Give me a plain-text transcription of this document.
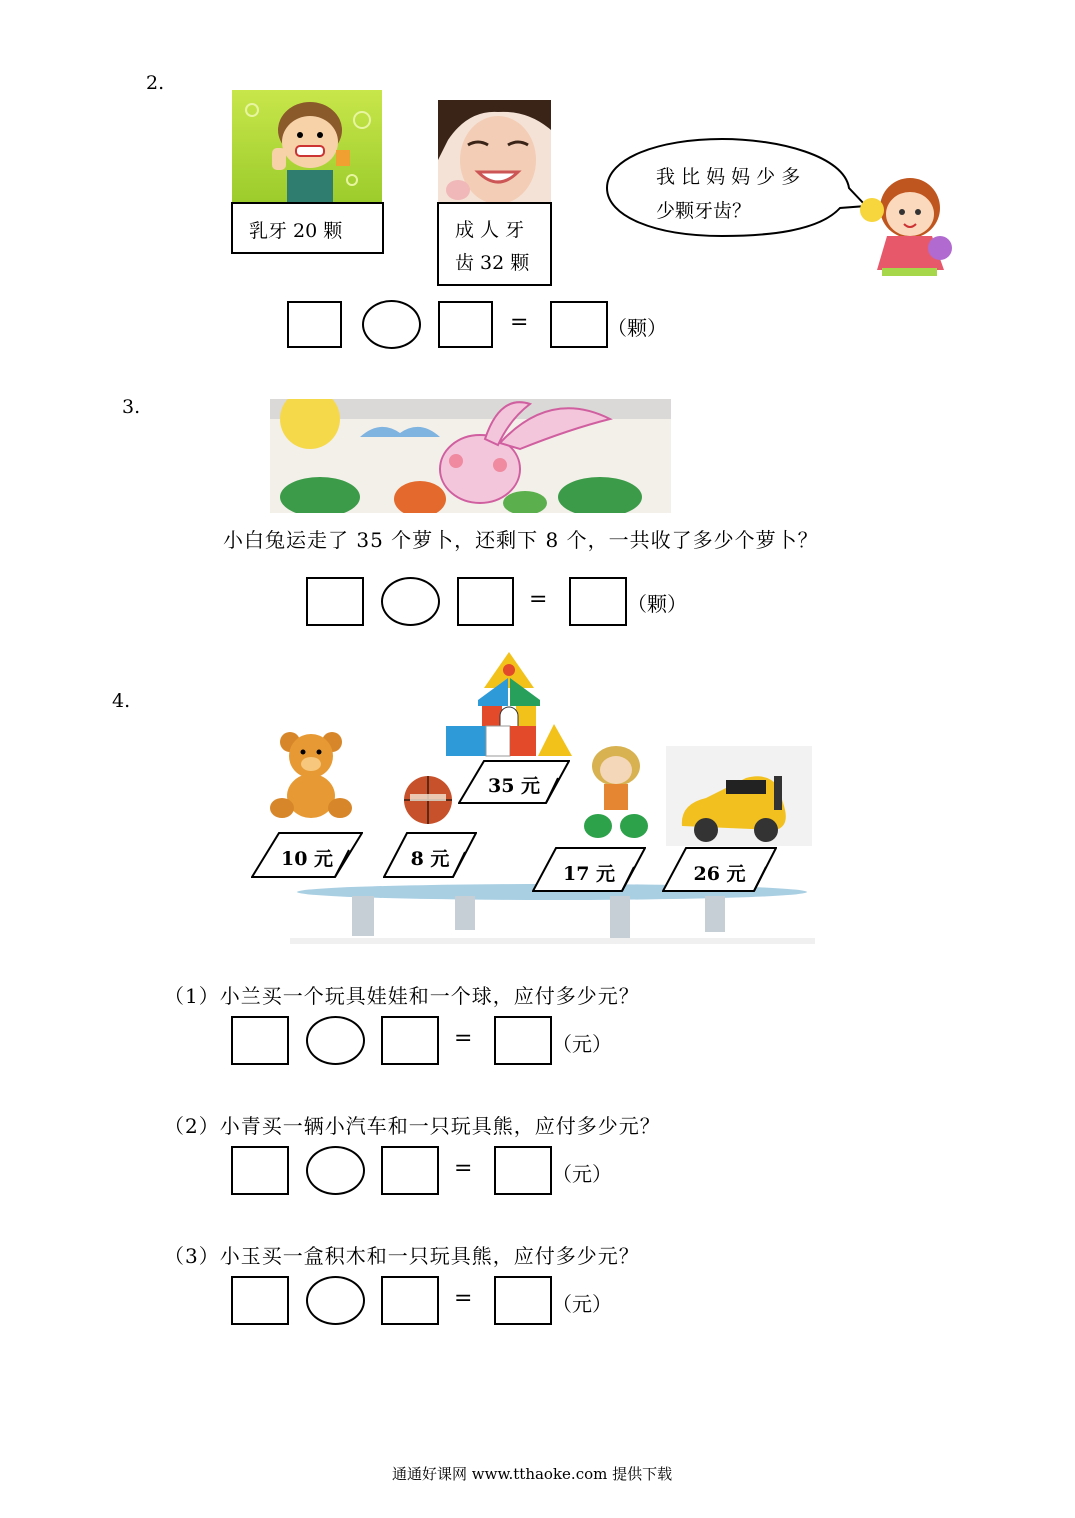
2.
乳牙 20 颗	成 人 牙
齿 32 颗
我 比 妈 妈 少 多
少颗牙齿？
=	（颗）
3.
小白兔运走了 35 个萝卜，还剩下 8 个，一共收了多少个萝卜？
=	（颗）
4.
10 元	8 元
35 元
17 元	26 元
（1）小兰买一个玩具娃娃和一个球，应付多少元？
=	（元）
（2）小青买一辆小汽车和一只玩具熊，应付多少元？
=	（元）
（3）小玉买一盒积木和一只玩具熊，应付多少元？
=	（元）
通通好课网 www.tthaoke.com 提供下载
